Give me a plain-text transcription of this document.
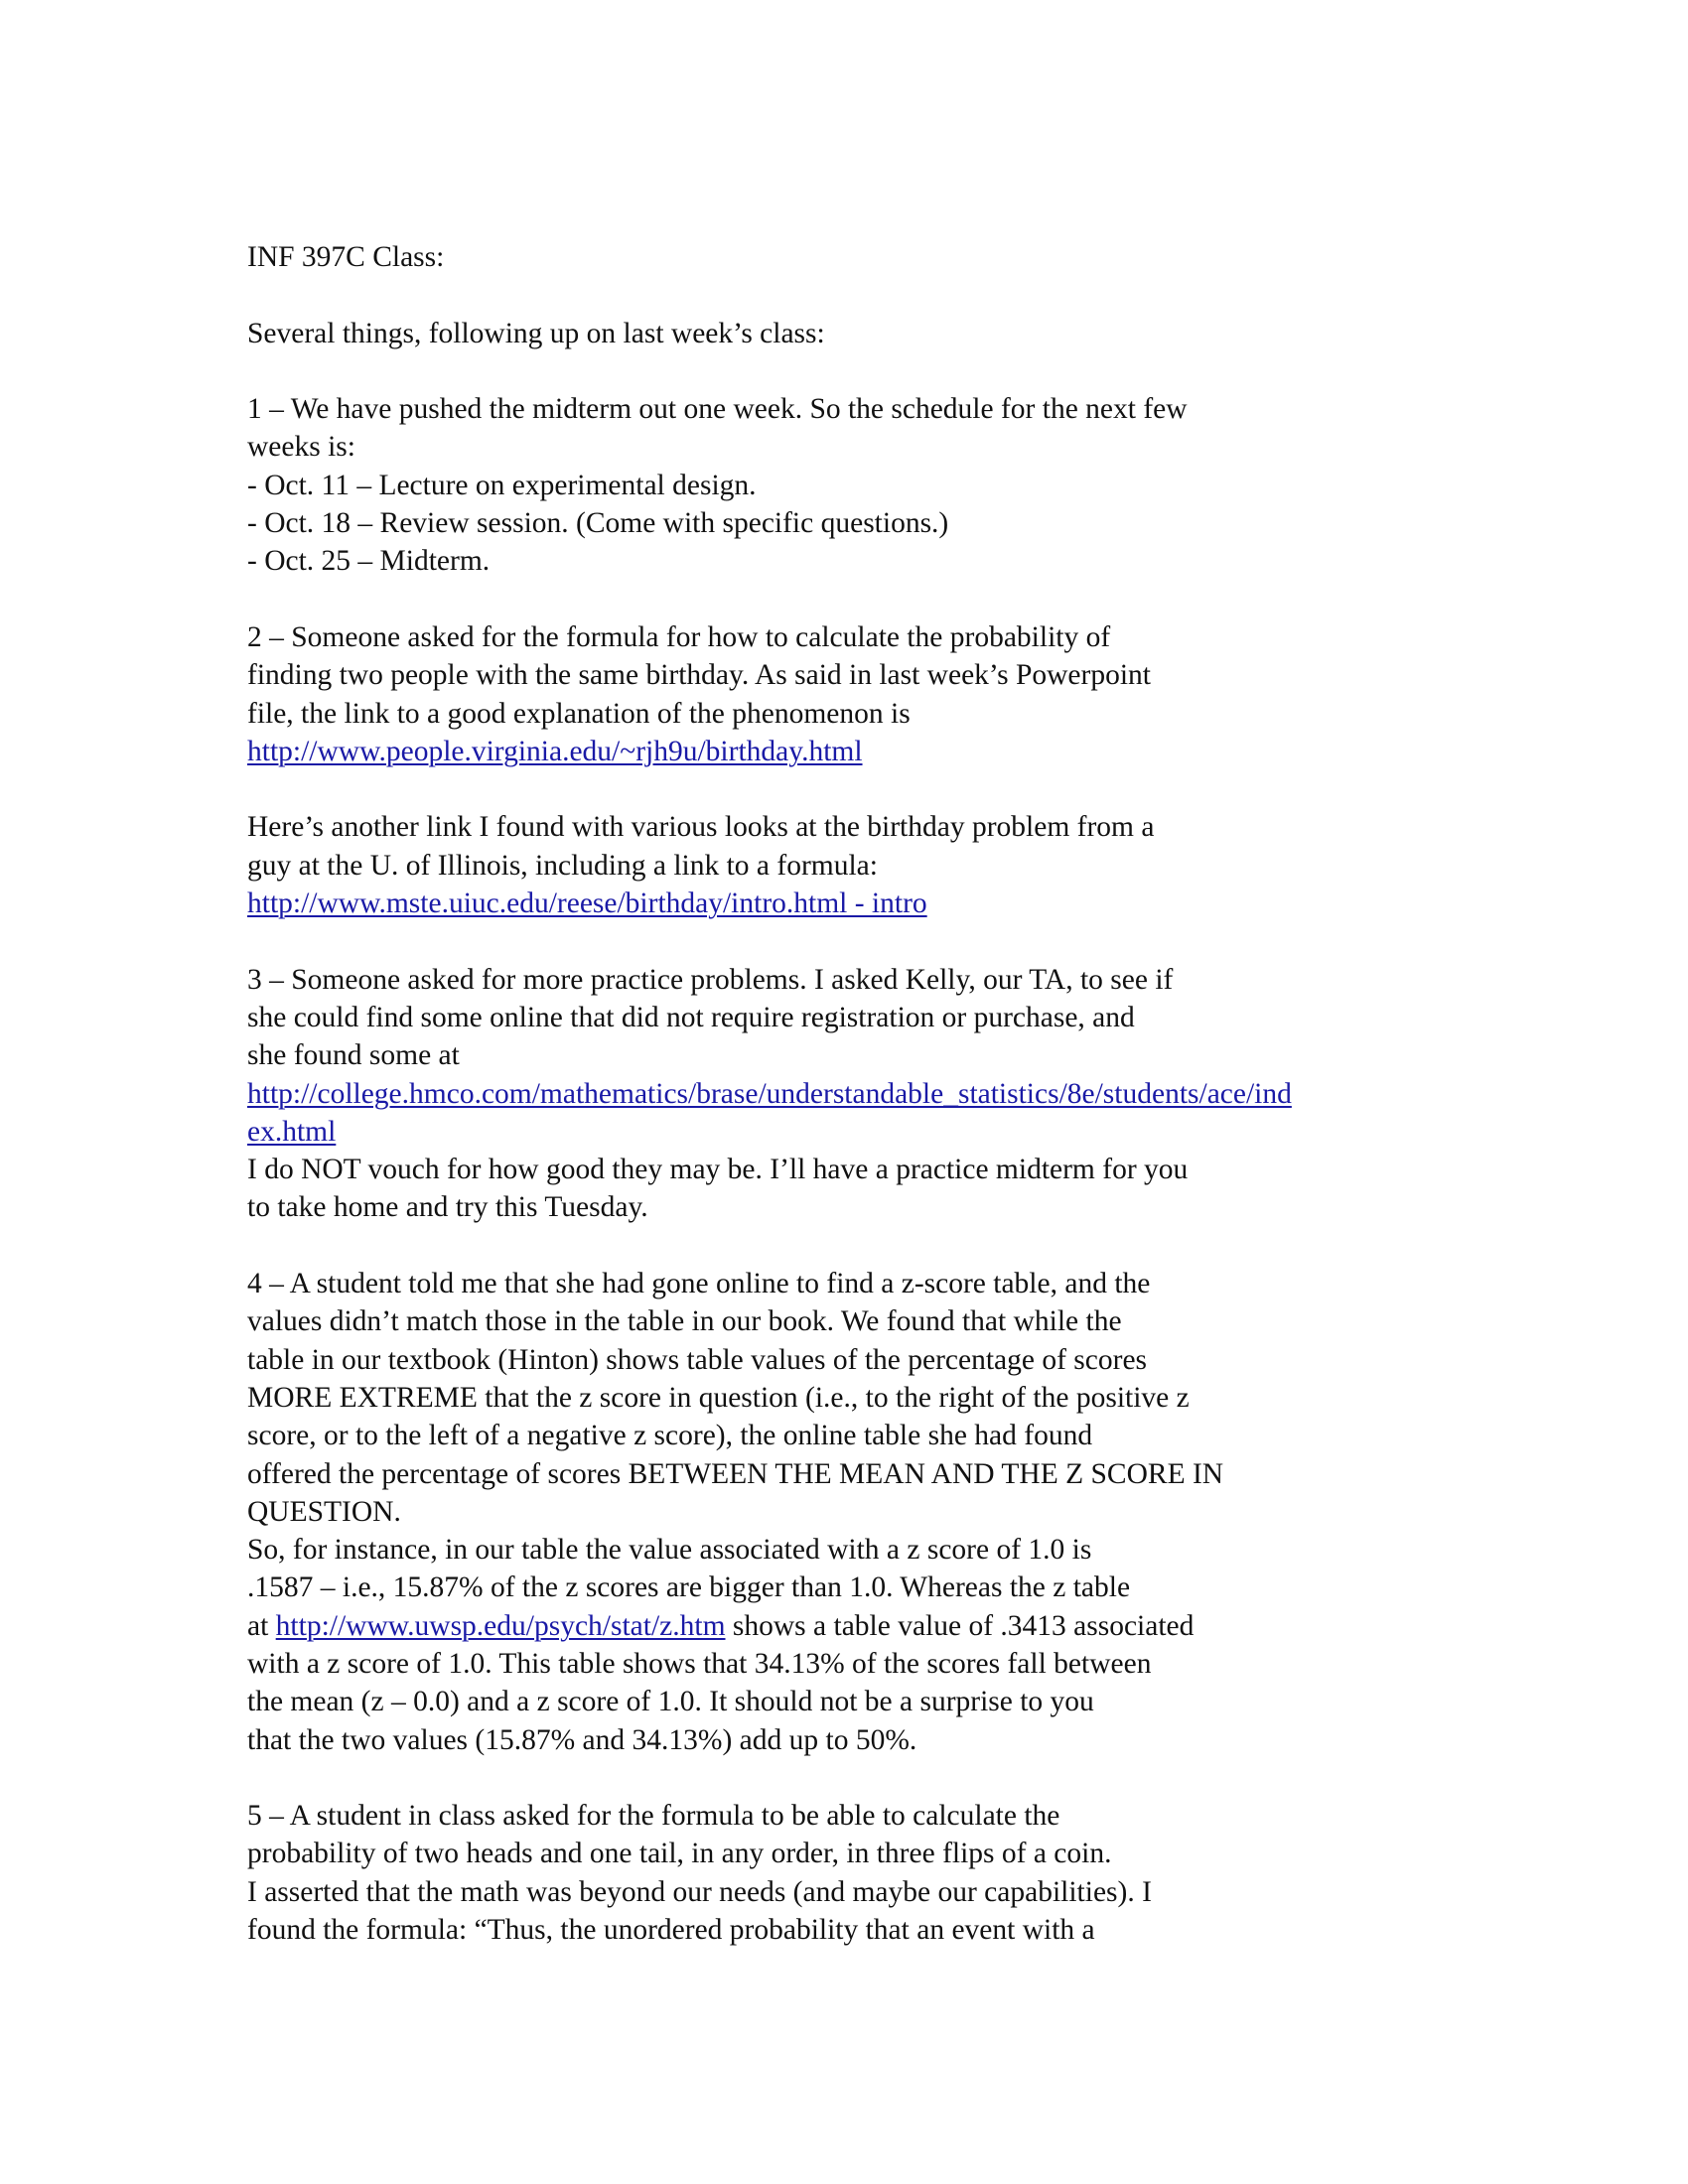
INF 397C Class:
Several things, following up on last week’s class:
1 – We have pushed the midterm out one week. So the schedule for the next few
weeks is:
- Oct. 11 – Lecture on experimental design.
- Oct. 18 – Review session. (Come with specific questions.)
- Oct. 25 – Midterm.
2 – Someone asked for the formula for how to calculate the probability of
finding two people with the same birthday. As said in last week’s Powerpoint
file, the link to a good explanation of the phenomenon is
http://www.people.virginia.edu/~rjh9u/birthday.html
Here’s another link I found with various looks at the birthday problem from a
guy at the U. of Illinois, including a link to a formula:
http://www.mste.uiuc.edu/reese/birthday/intro.html - intro
3 – Someone asked for more practice problems. I asked Kelly, our TA, to see if
she could find some online that did not require registration or purchase, and
she found some at
http://college.hmco.com/mathematics/brase/understandable_statistics/8e/students/ace/ind
ex.html
I do NOT vouch for how good they may be. I’ll have a practice midterm for you
to take home and try this Tuesday.
4 – A student told me that she had gone online to find a z-score table, and the
values didn’t match those in the table in our book. We found that while the
table in our textbook (Hinton) shows table values of the percentage of scores
MORE EXTREME that the z score in question (i.e., to the right of the positive z
score, or to the left of a negative z score), the online table she had found
offered the percentage of scores BETWEEN THE MEAN AND THE Z SCORE IN
QUESTION.
So, for instance, in our table the value associated with a z score of 1.0 is
.1587 – i.e., 15.87% of the z scores are bigger than 1.0. Whereas the z table
at http://www.uwsp.edu/psych/stat/z.htm shows a table value of .3413 associated
with a z score of 1.0. This table shows that 34.13% of the scores fall between
the mean (z – 0.0) and a z score of 1.0. It should not be a surprise to you
that the two values (15.87% and 34.13%) add up to 50%.
5 – A student in class asked for the formula to be able to calculate the
probability of two heads and one tail, in any order, in three flips of a coin.
I asserted that the math was beyond our needs (and maybe our capabilities). I
found the formula: “Thus, the unordered probability that an event with a
